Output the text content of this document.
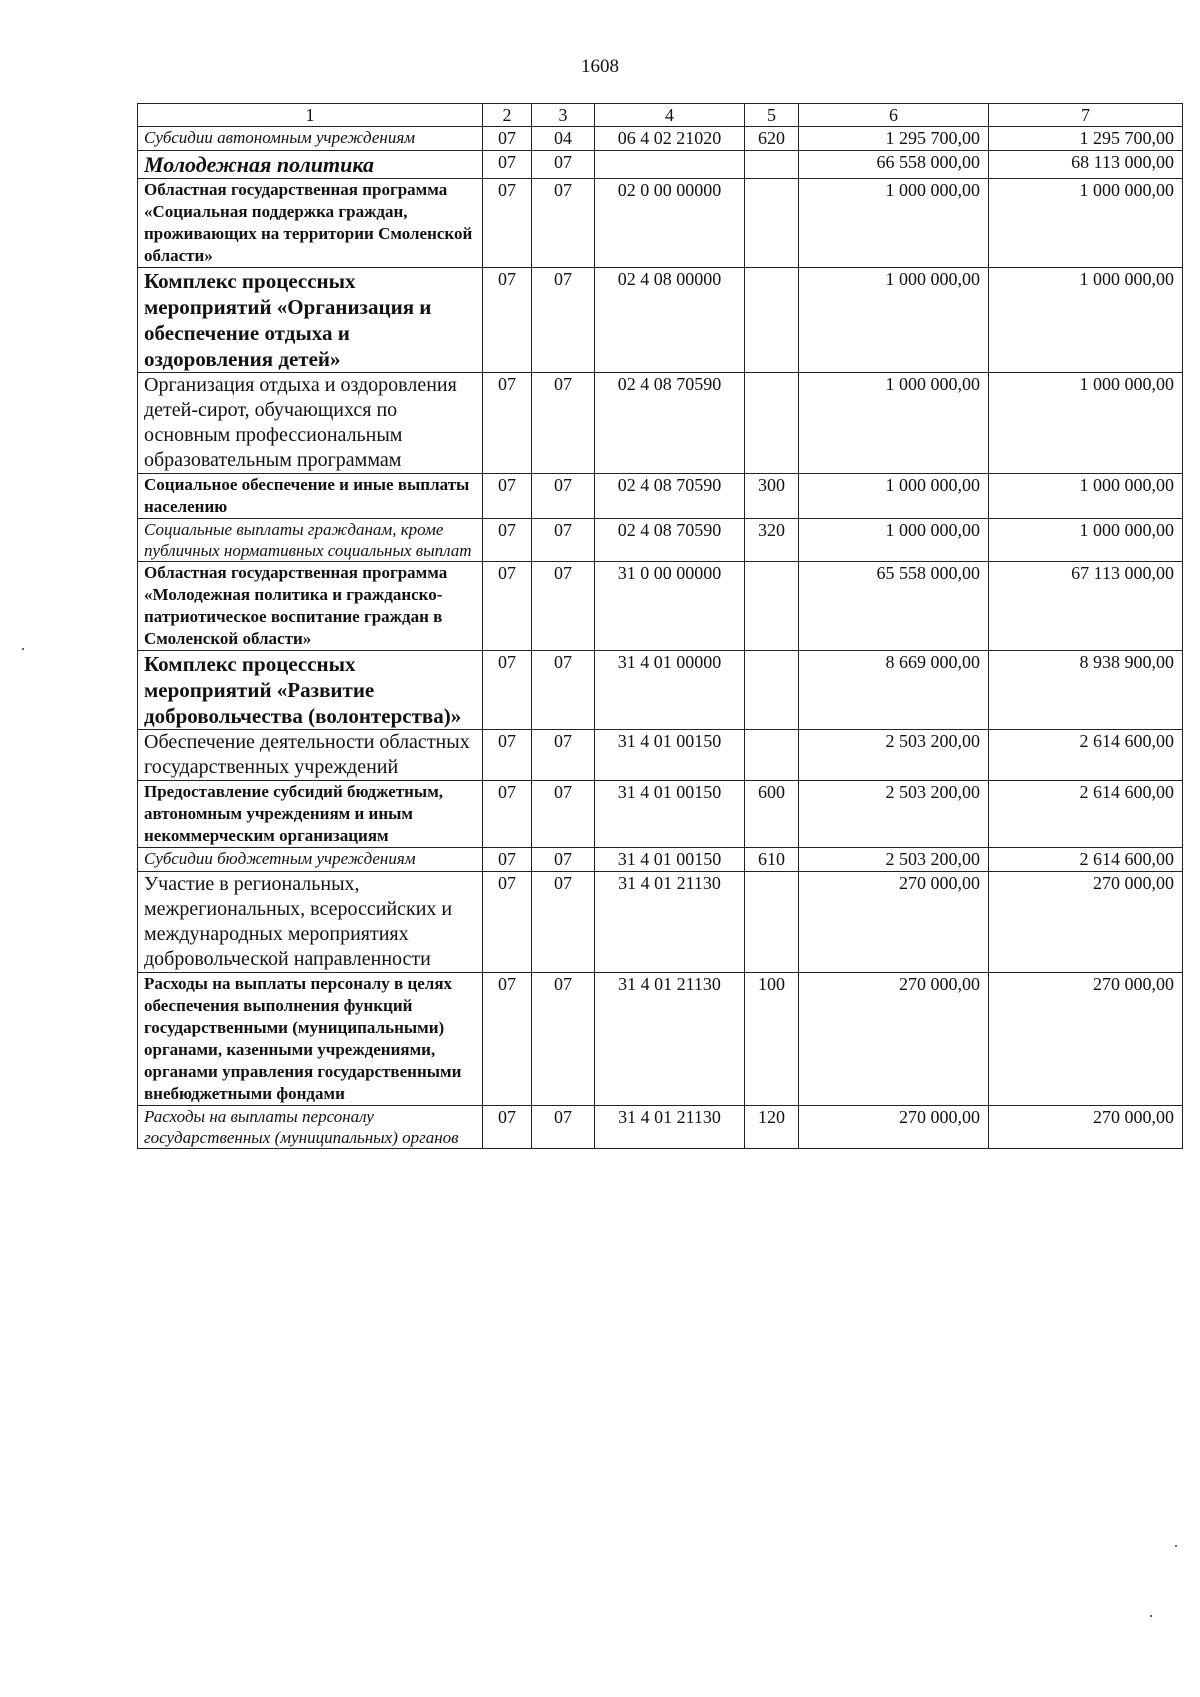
1608
1	2	3	4	5	6	7
Субсидии автономным учреждениям	07	04	06 4 02 21020	620	1 295 700,00	1 295 700,00
Молодежная политика	07	07			66 558 000,00	68 113 000,00
Областная государственная программа «Социальная поддержка граждан, проживающих на территории Смоленской области»	07	07	02 0 00 00000		1 000 000,00	1 000 000,00
Комплекс процессных мероприятий «Организация и обеспечение отдыха и оздоровления детей»	07	07	02 4 08 00000		1 000 000,00	1 000 000,00
Организация отдыха и оздоровления детей-сирот, обучающихся по основным профессиональным образовательным программам	07	07	02 4 08 70590		1 000 000,00	1 000 000,00
Социальное обеспечение и иные выплаты населению	07	07	02 4 08 70590	300	1 000 000,00	1 000 000,00
Социальные выплаты гражданам, кроме публичных нормативных социальных выплат	07	07	02 4 08 70590	320	1 000 000,00	1 000 000,00
Областная государственная программа «Молодежная политика и гражданско-патриотическое воспитание граждан в Смоленской области»	07	07	31 0 00 00000		65 558 000,00	67 113 000,00
Комплекс процессных мероприятий «Развитие добровольчества (волонтерства)»	07	07	31 4 01 00000		8 669 000,00	8 938 900,00
Обеспечение деятельности областных государственных учреждений	07	07	31 4 01 00150		2 503 200,00	2 614 600,00
Предоставление субсидий бюджетным, автономным учреждениям и иным некоммерческим организациям	07	07	31 4 01 00150	600	2 503 200,00	2 614 600,00
Субсидии бюджетным учреждениям	07	07	31 4 01 00150	610	2 503 200,00	2 614 600,00
Участие в региональных, межрегиональных, всероссийских и международных мероприятиях добровольческой направленности	07	07	31 4 01 21130		270 000,00	270 000,00
Расходы на выплаты персоналу в целях обеспечения выполнения функций государственными (муниципальными) органами, казенными учреждениями, органами управления государственными внебюджетными фондами	07	07	31 4 01 21130	100	270 000,00	270 000,00
Расходы на выплаты персоналу государственных (муниципальных) органов	07	07	31 4 01 21130	120	270 000,00	270 000,00
